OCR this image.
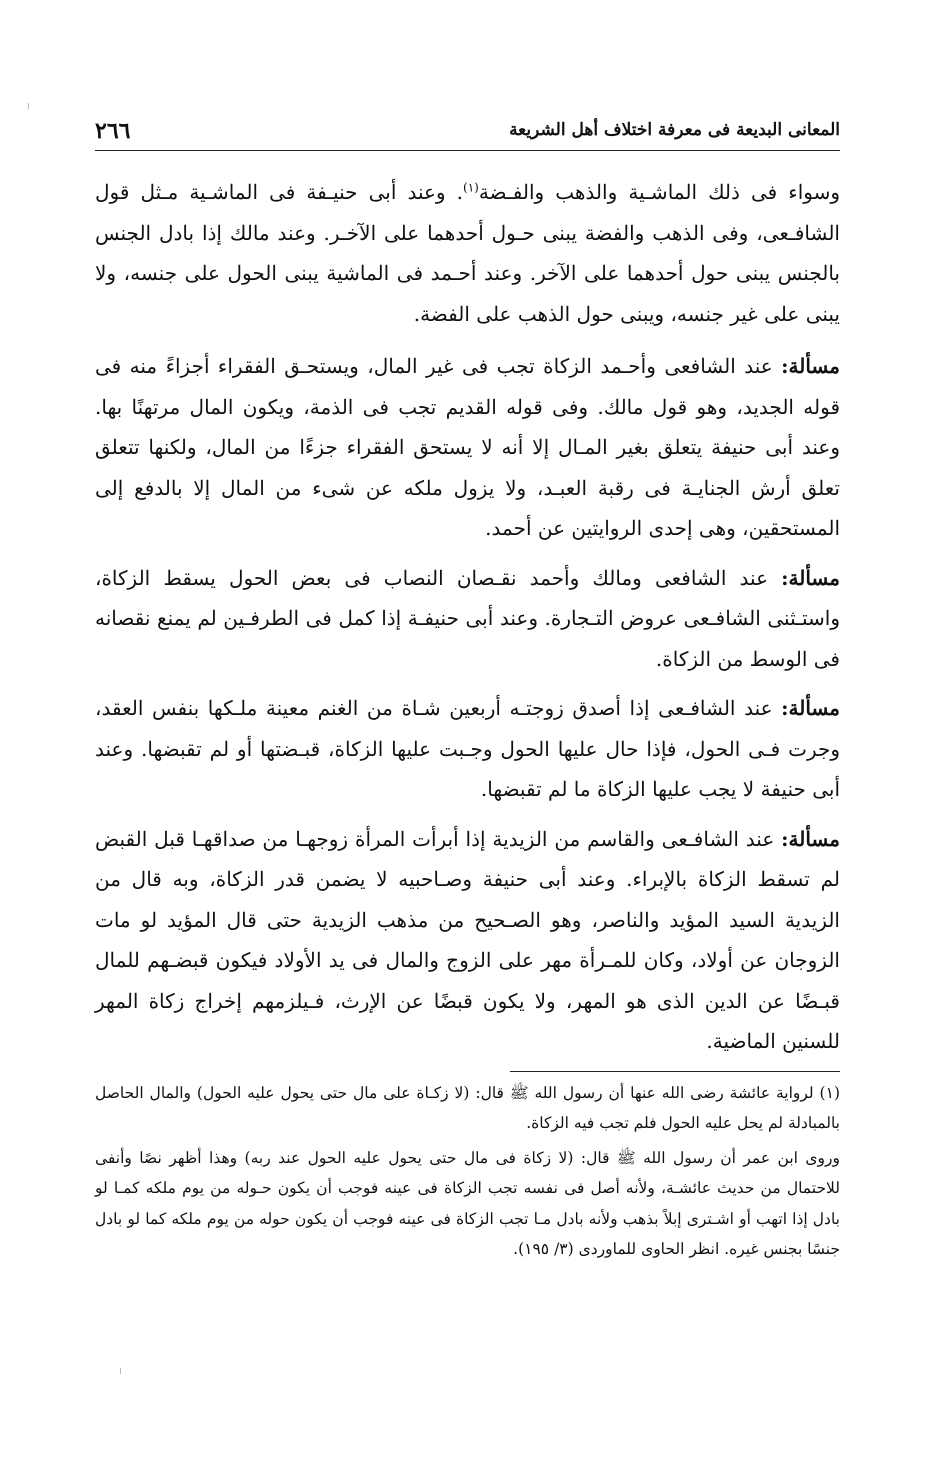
المعانى البديعة فى معرفة اختلاف أهل الشريعة
٢٦٦

وسواء فى ذلك الماشـية والذهب والفـضة$^{(١)}$. وعند أبى حنيـفة فى الماشـية مـثل قول الشافـعى، وفى الذهب والفضة يبنى حـول أحدهما على الآخـر. وعند مالك إذا بادل الجنس بالجنس يبنى حول أحدهما على الآخر. وعند أحـمد فى الماشية يبنى الحول على جنسه، ولا يبنى على غير جنسه، ويبنى حول الذهب على الفضة.

مسألة: عند الشافعى وأحـمد الزكاة تجب فى غير المال، ويستحـق الفقراء أجزاءً منه فى قوله الجديد، وهو قول مالك. وفى قوله القديم تجب فى الذمة، ويكون المال مرتهنًا بها. وعند أبى حنيفة يتعلق بغير المـال إلا أنه لا يستحق الفقراء جزءًا من المال، ولكنها تتعلق تعلق أرش الجنايـة فى رقبة العبـد، ولا يزول ملكه عن شىء من المال إلا بالدفع إلى المستحقين، وهى إحدى الروايتين عن أحمد.

مسألة: عند الشافعى ومالك وأحمد نقـصان النصاب فى بعض الحول يسقط الزكاة، واستـثنى الشافـعى عروض التـجارة. وعند أبى حنيفـة إذا كمل فى الطرفـين لم يمنع نقصانه فى الوسط من الزكاة.

مسألة: عند الشافـعى إذا أصدق زوجتـه أربعين شـاة من الغنم معينة ملـكها بنفس العقد، وجرت فـى الحول، فإذا حال عليها الحول وجـبت عليها الزكاة، قبـضتها أو لم تقبضها. وعند أبى حنيفة لا يجب عليها الزكاة ما لم تقبضها.

مسألة: عند الشافـعى والقاسم من الزيدية إذا أبرأت المرأة زوجهـا من صداقهـا قبل القبض لم تسقط الزكاة بالإبراء. وعند أبى حنيفة وصـاحبيه لا يضمن قدر الزكاة، وبه قال من الزيدية السيد المؤيد والناصر، وهو الصـحيح من مذهب الزيدية حتى قال المؤيد لو مات الزوجان عن أولاد، وكان للمـرأة مهر على الزوج والمال فى يد الأولاد فيكون قبضـهم للمال قبـضًا عن الدين الذى هو المهر، ولا يكون قبضًا عن الإرث، فـيلزمهم إخراج زكاة المهر للسنين الماضية.

(١) لرواية عائشة رضى الله عنها أن رسول الله ﷺ قال: (لا زكـاة على مال حتى يحول عليه الحول) والمال الحاصل بالمبادلة لم يحل عليه الحول فلم تجب فيه الزكاة.

وروى ابن عمر أن رسول الله ﷺ قال: (لا زكاة فى مال حتى يحول عليه الحول عند ربه) وهذا أظهر نصًا وأنفى للاحتمال من حديث عائشـة، ولأنه أصل فى نفسه تجب الزكاة فى عينه فوجب أن يكون حـوله من يوم ملكه كمـا لو بادل إذا اتهب أو اشـترى إبلاً بذهب ولأنه بادل مـا تجب الزكاة فى عينه فوجب أن يكون حوله من يوم ملكه كما لو بادل جنسًا بجنس غيره. انظر الحاوى للماوردى (٣/ ١٩٥).
